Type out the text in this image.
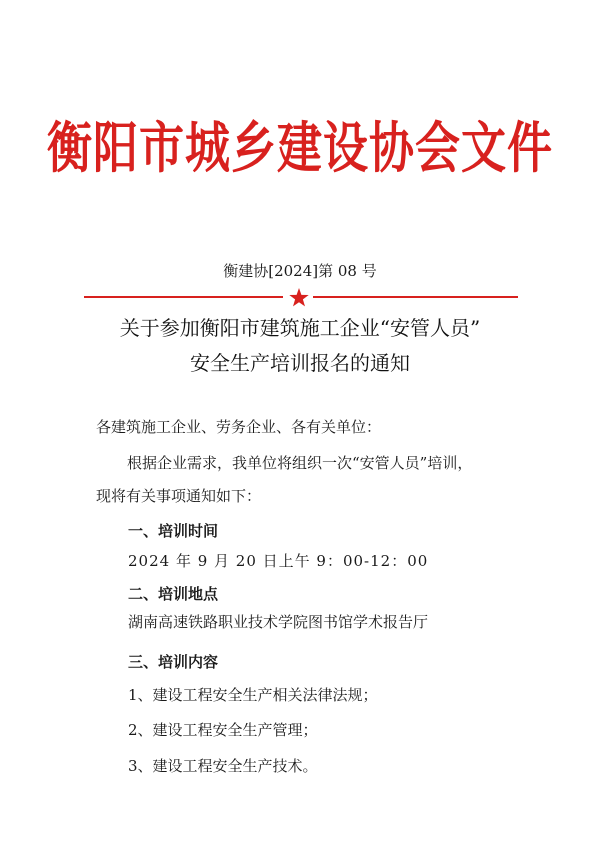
衡阳市城乡建设协会文件
衡建协[2024]第 08 号
关于参加衡阳市建筑施工企业“安管人员”
安全生产培训报名的通知
各建筑施工企业、劳务企业、各有关单位：
根据企业需求，我单位将组织一次“安管人员”培训，
现将有关事项通知如下：
一、培训时间
2024 年 9 月 20 日上午 9：00-12：00
二、培训地点
湖南高速铁路职业技术学院图书馆学术报告厅
三、培训内容
1、建设工程安全生产相关法律法规；
2、建设工程安全生产管理；
3、建设工程安全生产技术。
